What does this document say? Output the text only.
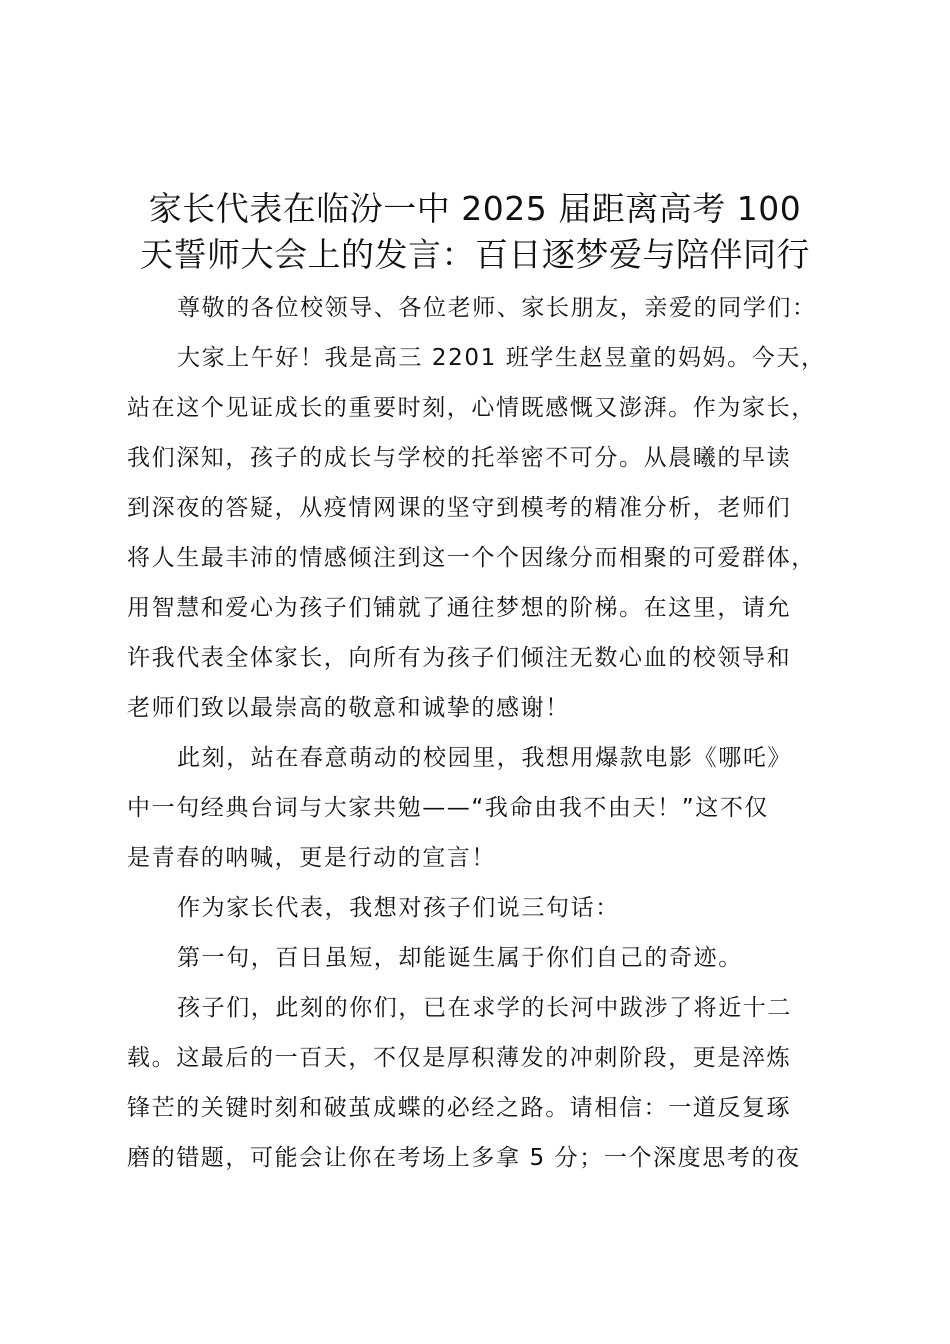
家长代表在临汾一中 2025 届距离高考 100
天誓师大会上的发言：百日逐梦爱与陪伴同行

尊敬的各位校领导、各位老师、家长朋友，亲爱的同学们：

大家上午好！我是高三 2201 班学生赵昱童的妈妈。今天，
站在这个见证成长的重要时刻，心情既感慨又澎湃。作为家长，
我们深知，孩子的成长与学校的托举密不可分。从晨曦的早读
到深夜的答疑，从疫情网课的坚守到模考的精准分析，老师们
将人生最丰沛的情感倾注到这一个个因缘分而相聚的可爱群体，
用智慧和爱心为孩子们铺就了通往梦想的阶梯。在这里，请允
许我代表全体家长，向所有为孩子们倾注无数心血的校领导和
老师们致以最崇高的敬意和诚挚的感谢！

此刻，站在春意萌动的校园里，我想用爆款电影《哪吒》
中一句经典台词与大家共勉——“我命由我不由天！”这不仅
是青春的呐喊，更是行动的宣言！

作为家长代表，我想对孩子们说三句话：

第一句，百日虽短，却能诞生属于你们自己的奇迹。

孩子们，此刻的你们，已在求学的长河中跋涉了将近十二
载。这最后的一百天，不仅是厚积薄发的冲刺阶段，更是淬炼
锋芒的关键时刻和破茧成蝶的必经之路。请相信：一道反复琢
磨的错题，可能会让你在考场上多拿 5 分；一个深度思考的夜
